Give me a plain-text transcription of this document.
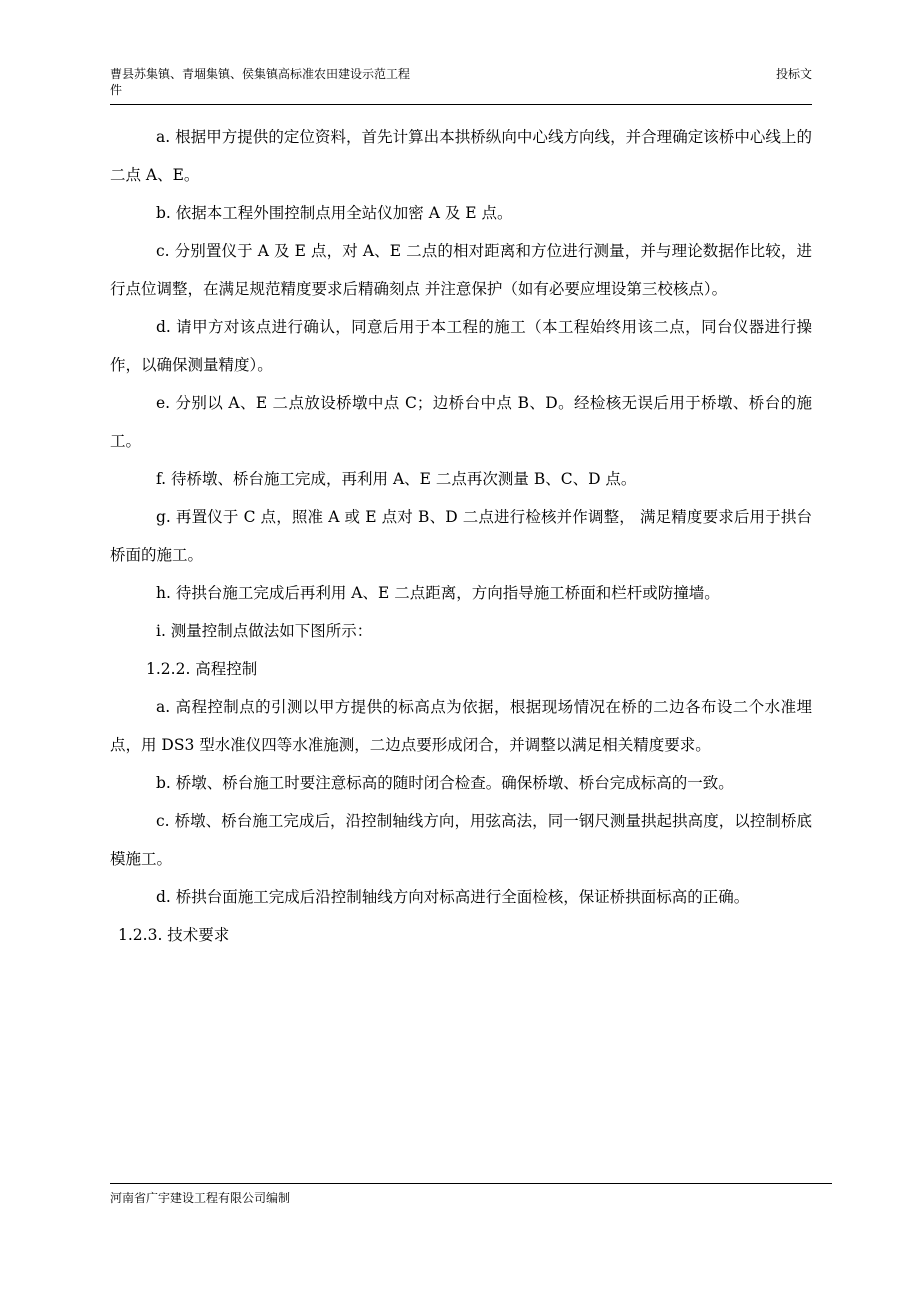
曹县苏集镇、青堌集镇、侯集镇高标准农田建设示范工程
件
投标文

a. 根据甲方提供的定位资料，首先计算出本拱桥纵向中心线方向线，并合理确定该桥中心线上的二点 A、E。

b. 依据本工程外围控制点用全站仪加密 A 及 E 点。

c. 分别置仪于 A 及 E 点，对 A、E 二点的相对距离和方位进行测量，并与理论数据作比较，进行点位调整，在满足规范精度要求后精确刻点 并注意保护（如有必要应埋设第三校核点）。

d. 请甲方对该点进行确认，同意后用于本工程的施工（本工程始终用该二点，同台仪器进行操作，以确保测量精度）。

e. 分别以 A、E 二点放设桥墩中点 C；边桥台中点 B、D。经检核无误后用于桥墩、桥台的施工。

f. 待桥墩、桥台施工完成，再利用 A、E 二点再次测量 B、C、D 点。

g. 再置仪于 C 点，照准 A 或 E 点对 B、D 二点进行检核并作调整， 满足精度要求后用于拱台桥面的施工。

h. 待拱台施工完成后再利用 A、E 二点距离，方向指导施工桥面和栏杆或防撞墙。

i. 测量控制点做法如下图所示：

1.2.2. 高程控制

a. 高程控制点的引测以甲方提供的标高点为依据，根据现场情况在桥的二边各布设二个水准埋点，用 DS3 型水准仪四等水准施测，二边点要形成闭合，并调整以满足相关精度要求。

b. 桥墩、桥台施工时要注意标高的随时闭合检查。确保桥墩、桥台完成标高的一致。

c. 桥墩、桥台施工完成后，沿控制轴线方向，用弦高法，同一钢尺测量拱起拱高度，以控制桥底模施工。

d. 桥拱台面施工完成后沿控制轴线方向对标高进行全面检核，保证桥拱面标高的正确。

1.2.3. 技术要求

河南省广宇建设工程有限公司编制
